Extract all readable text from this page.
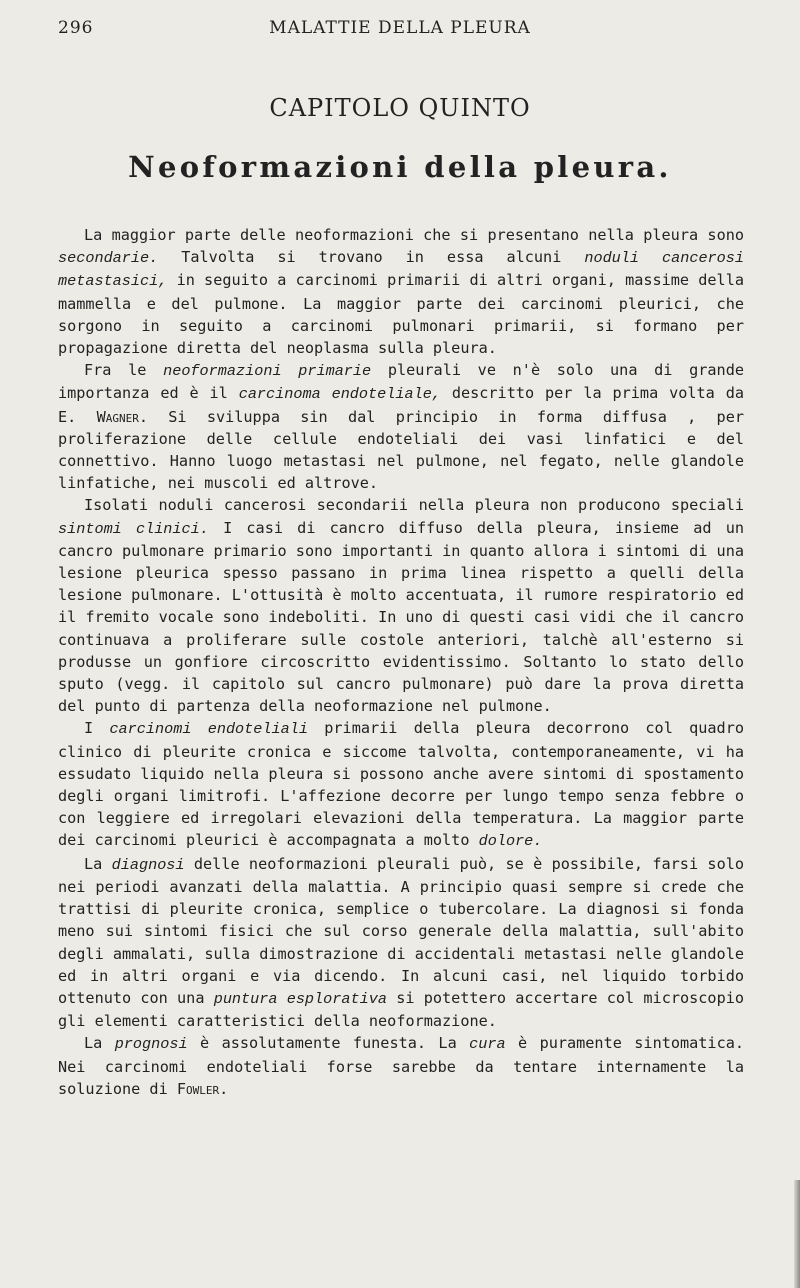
296	MALATTIE DELLA PLEURA
CAPITOLO QUINTO
Neoformazioni della pleura.

La maggior parte delle neoformazioni che si presentano nella pleura sono secondarie. Talvolta si trovano in essa alcuni noduli cancerosi metastasici, in seguito a carcinomi primarii di altri organi, massime della mammella e del pulmone. La maggior parte dei carcinomi pleurici, che sorgono in seguito a carcinomi pulmonari primarii, si formano per propagazione diretta del neoplasma sulla pleura.

Fra le neoformazioni primarie pleurali ve n'è solo una di grande importanza ed è il carcinoma endoteliale, descritto per la prima volta da E. Wagner. Si sviluppa sin dal principio in forma diffusa , per proliferazione delle cellule endoteliali dei vasi linfatici e del connettivo. Hanno luogo metastasi nel pulmone, nel fegato, nelle glandole linfatiche, nei muscoli ed altrove.

Isolati noduli cancerosi secondarii nella pleura non producono speciali sintomi clinici. I casi di cancro diffuso della pleura, insieme ad un cancro pulmonare primario sono importanti in quanto allora i sintomi di una lesione pleurica spesso passano in prima linea rispetto a quelli della lesione pulmonare. L'ottusità è molto accentuata, il rumore respiratorio ed il fremito vocale sono indeboliti. In uno di questi casi vidi che il cancro continuava a proliferare sulle costole anteriori, talchè all'esterno si produsse un gonfiore circoscritto evidentissimo. Soltanto lo stato dello sputo (vegg. il capitolo sul cancro pulmonare) può dare la prova diretta del punto di partenza della neoformazione nel pulmone.

I carcinomi endoteliali primarii della pleura decorrono col quadro clinico di pleurite cronica e siccome talvolta, contemporaneamente, vi ha essudato liquido nella pleura si possono anche avere sintomi di spostamento degli organi limitrofi. L'affezione decorre per lungo tempo senza febbre o con leggiere ed irregolari elevazioni della temperatura. La maggior parte dei carcinomi pleurici è accompagnata a molto dolore.

La diagnosi delle neoformazioni pleurali può, se è possibile, farsi solo nei periodi avanzati della malattia. A principio quasi sempre si crede che trattisi di pleurite cronica, semplice o tubercolare. La diagnosi si fonda meno sui sintomi fisici che sul corso generale della malattia, sull'abito degli ammalati, sulla dimostrazione di accidentali metastasi nelle glandole ed in altri organi e via dicendo. In alcuni casi, nel liquido torbido ottenuto con una puntura esplorativa si potettero accertare col microscopio gli elementi caratteristici della neoformazione.

La prognosi è assolutamente funesta. La cura è puramente sintomatica. Nei carcinomi endoteliali forse sarebbe da tentare internamente la soluzione di Fowler.
